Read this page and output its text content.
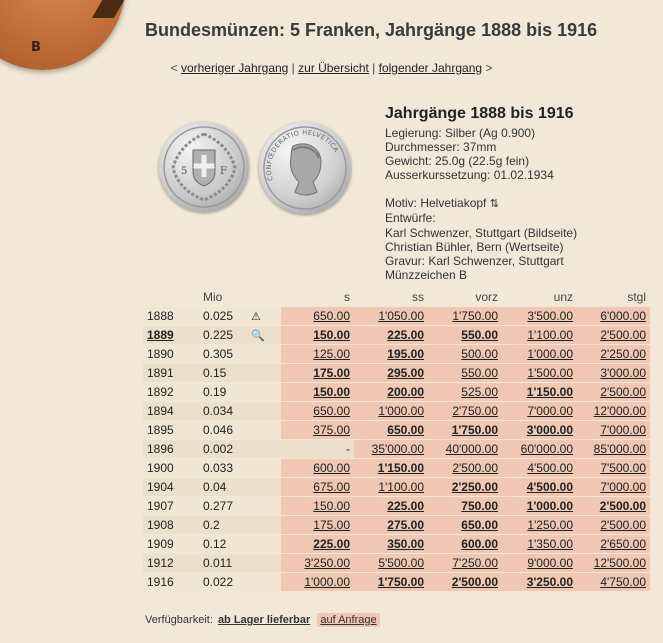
B
Bundesmünzen: 5 Franken, Jahrgänge 1888 bis 1916
< vorheriger Jahrgang | zur Übersicht | folgender Jahrgang >
5	F
CONFŒDERATIO HELVETICA
Jahrgänge 1888 bis 1916
Legierung: Silber (Ag 0.900)
Durchmesser: 37mm
Gewicht: 25.0g (22.5g fein)
Ausserkurssetzung: 01.02.1934
Motiv: Helvetiakopf ⇅
Entwürfe:
Karl Schwenzer, Stuttgart (Bildseite)
Christian Bühler, Bern (Wertseite)
Gravur: Karl Schwenzer, Stuttgart
Münzzeichen B
	Mio		s	ss	vorz	unz	stgl
1888	0.025	⚠	650.00	1'050.00	1'750.00	3'500.00	6'000.00
1889	0.225	🔍	150.00	225.00	550.00	1'100.00	2'500.00
1890	0.305		125.00	195.00	500.00	1'000.00	2'250.00
1891	0.15		175.00	295.00	550.00	1'500.00	3'000.00
1892	0.19		150.00	200.00	525.00	1'150.00	2'500.00
1894	0.034		650.00	1'000.00	2'750.00	7'000.00	12'000.00
1895	0.046		375.00	650.00	1'750.00	3'000.00	7'000.00
1896	0.002		-	35'000.00	40'000.00	60'000.00	85'000.00
1900	0.033		600.00	1'150.00	2'500.00	4'500.00	7'500.00
1904	0.04		675.00	1'100.00	2'250.00	4'500.00	7'000.00
1907	0.277		150.00	225.00	750.00	1'000.00	2'500.00
1908	0.2		175.00	275.00	650.00	1'250.00	2'500.00
1909	0.12		225.00	350.00	600.00	1'350.00	2'650.00
1912	0.011		3'250.00	5'500.00	7'250.00	9'000.00	12'500.00
1916	0.022		1'000.00	1'750.00	2'500.00	3'250.00	4'750.00
Verfügbarkeit: ab Lager lieferbar auf Anfrage
